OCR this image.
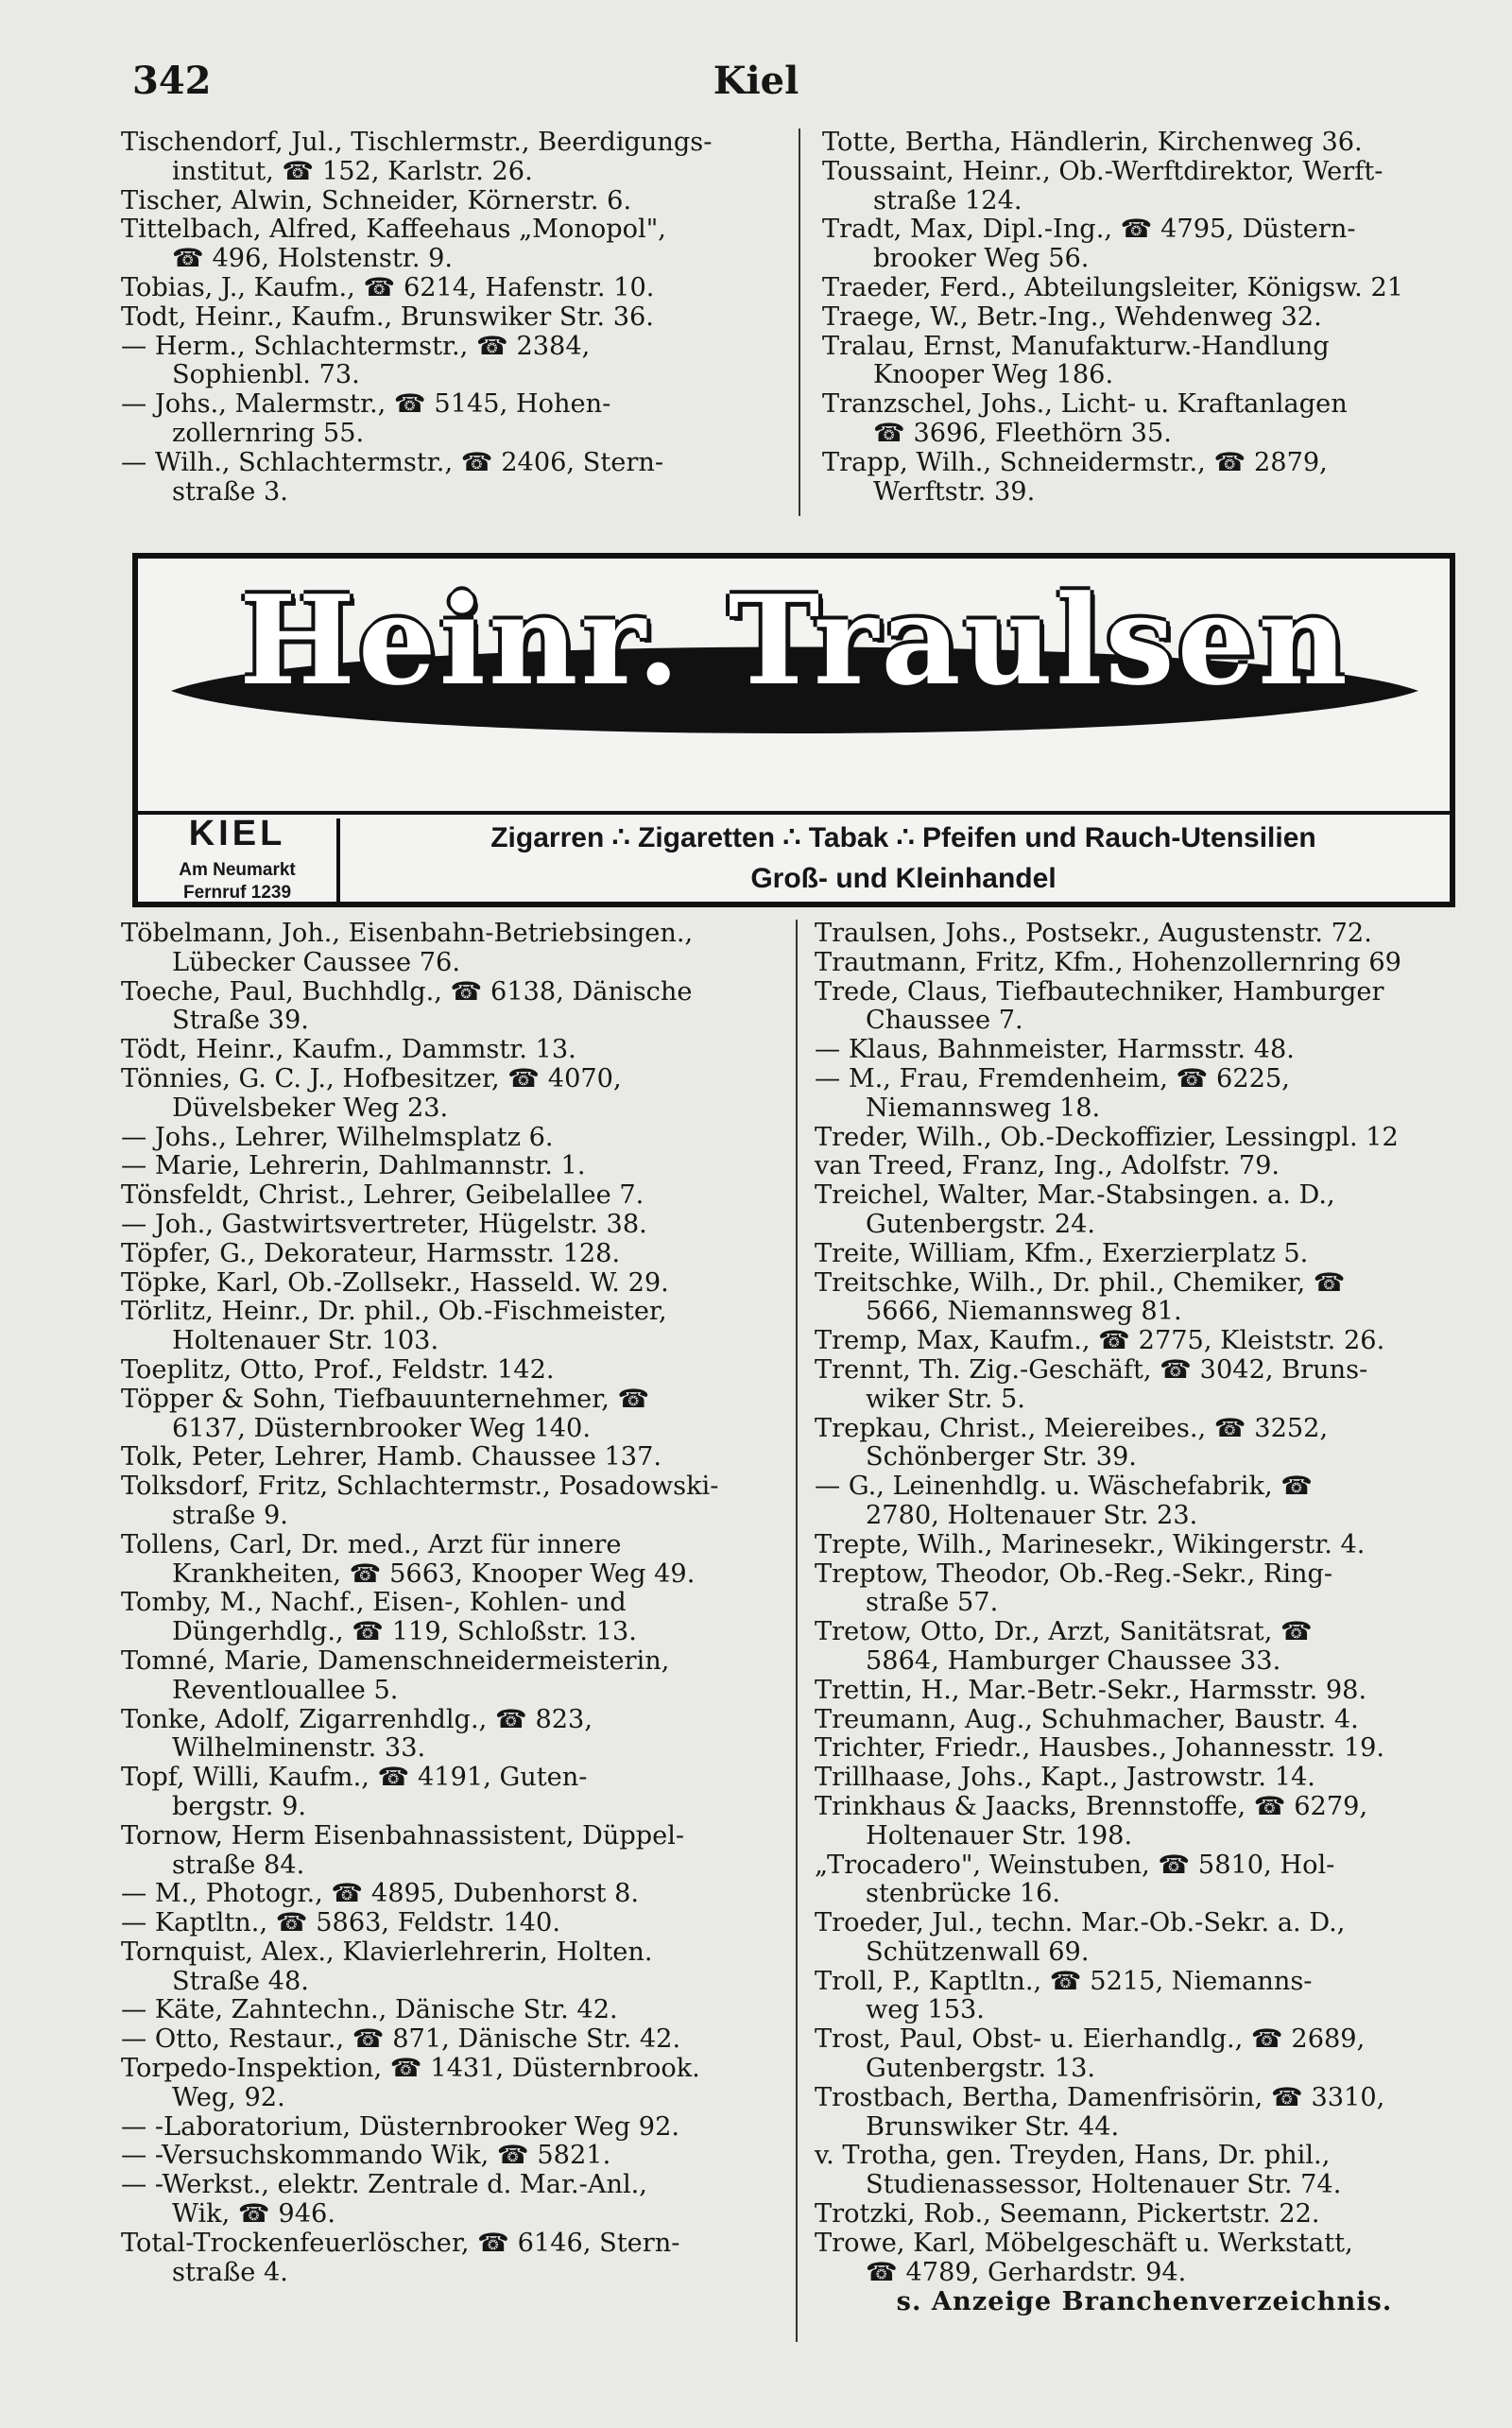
342	Kiel
Tischendorf, Jul., Tischlermstr., Beerdigungs-
institut, ☎ 152, Karlstr. 26.
Tischer, Alwin, Schneider, Körnerstr. 6.
Tittelbach, Alfred, Kaffeehaus „Monopol",
☎ 496, Holstenstr. 9.
Tobias, J., Kaufm., ☎ 6214, Hafenstr. 10.
Todt, Heinr., Kaufm., Brunswiker Str. 36.
— Herm., Schlachtermstr., ☎ 2384,
Sophienbl. 73.
— Johs., Malermstr., ☎ 5145, Hohen-
zollernring 55.
— Wilh., Schlachtermstr., ☎ 2406, Stern-
straße 3.
Totte, Bertha, Händlerin, Kirchenweg 36.
Toussaint, Heinr., Ob.-Werftdirektor, Werft-
straße 124.
Tradt, Max, Dipl.-Ing., ☎ 4795, Düstern-
brooker Weg 56.
Traeder, Ferd., Abteilungsleiter, Königsw. 21
Traege, W., Betr.-Ing., Wehdenweg 32.
Tralau, Ernst, Manufakturw.-Handlung
Knooper Weg 186.
Tranzschel, Johs., Licht- u. Kraftanlagen
☎ 3696, Fleethörn 35.
Trapp, Wilh., Schneidermstr., ☎ 2879,
Werftstr. 39.
Heinr. Traulsen
KIEL
Am Neumarkt
Fernruf 1239
Zigarren ∴ Zigaretten ∴ Tabak ∴ Pfeifen und Rauch-Utensilien
Groß- und Kleinhandel
Töbelmann, Joh., Eisenbahn-Betriebsingen.,
Lübecker Caussee 76.
Toeche, Paul, Buchhdlg., ☎ 6138, Dänische
Straße 39.
Tödt, Heinr., Kaufm., Dammstr. 13.
Tönnies, G. C. J., Hofbesitzer, ☎ 4070,
Düvelsbeker Weg 23.
— Johs., Lehrer, Wilhelmsplatz 6.
— Marie, Lehrerin, Dahlmannstr. 1.
Tönsfeldt, Christ., Lehrer, Geibelallee 7.
— Joh., Gastwirtsvertreter, Hügelstr. 38.
Töpfer, G., Dekorateur, Harmsstr. 128.
Töpke, Karl, Ob.-Zollsekr., Hasseld. W. 29.
Törlitz, Heinr., Dr. phil., Ob.-Fischmeister,
Holtenauer Str. 103.
Toeplitz, Otto, Prof., Feldstr. 142.
Töpper & Sohn, Tiefbauunternehmer, ☎
6137, Düsternbrooker Weg 140.
Tolk, Peter, Lehrer, Hamb. Chaussee 137.
Tolksdorf, Fritz, Schlachtermstr., Posadowski-
straße 9.
Tollens, Carl, Dr. med., Arzt für innere
Krankheiten, ☎ 5663, Knooper Weg 49.
Tomby, M., Nachf., Eisen-, Kohlen- und
Düngerhdlg., ☎ 119, Schloßstr. 13.
Tomné, Marie, Damenschneidermeisterin,
Reventlouallee 5.
Tonke, Adolf, Zigarrenhdlg., ☎ 823,
Wilhelminenstr. 33.
Topf, Willi, Kaufm., ☎ 4191, Guten-
bergstr. 9.
Tornow, Herm Eisenbahnassistent, Düppel-
straße 84.
— M., Photogr., ☎ 4895, Dubenhorst 8.
— Kaptltn., ☎ 5863, Feldstr. 140.
Tornquist, Alex., Klavierlehrerin, Holten.
Straße 48.
— Käte, Zahntechn., Dänische Str. 42.
— Otto, Restaur., ☎ 871, Dänische Str. 42.
Torpedo-Inspektion, ☎ 1431, Düsternbrook.
Weg, 92.
— -Laboratorium, Düsternbrooker Weg 92.
— -Versuchskommando Wik, ☎ 5821.
— -Werkst., elektr. Zentrale d. Mar.-Anl.,
Wik, ☎ 946.
Total-Trockenfeuerlöscher, ☎ 6146, Stern-
straße 4.
Traulsen, Johs., Postsekr., Augustenstr. 72.
Trautmann, Fritz, Kfm., Hohenzollernring 69
Trede, Claus, Tiefbautechniker, Hamburger
Chaussee 7.
— Klaus, Bahnmeister, Harmsstr. 48.
— M., Frau, Fremdenheim, ☎ 6225,
Niemannsweg 18.
Treder, Wilh., Ob.-Deckoffizier, Lessingpl. 12
van Treed, Franz, Ing., Adolfstr. 79.
Treichel, Walter, Mar.-Stabsingen. a. D.,
Gutenbergstr. 24.
Treite, William, Kfm., Exerzierplatz 5.
Treitschke, Wilh., Dr. phil., Chemiker, ☎
5666, Niemannsweg 81.
Tremp, Max, Kaufm., ☎ 2775, Kleiststr. 26.
Trennt, Th. Zig.-Geschäft, ☎ 3042, Bruns-
wiker Str. 5.
Trepkau, Christ., Meiereibes., ☎ 3252,
Schönberger Str. 39.
— G., Leinenhdlg. u. Wäschefabrik, ☎
2780, Holtenauer Str. 23.
Trepte, Wilh., Marinesekr., Wikingerstr. 4.
Treptow, Theodor, Ob.-Reg.-Sekr., Ring-
straße 57.
Tretow, Otto, Dr., Arzt, Sanitätsrat, ☎
5864, Hamburger Chaussee 33.
Trettin, H., Mar.-Betr.-Sekr., Harmsstr. 98.
Treumann, Aug., Schuhmacher, Baustr. 4.
Trichter, Friedr., Hausbes., Johannesstr. 19.
Trillhaase, Johs., Kapt., Jastrowstr. 14.
Trinkhaus & Jaacks, Brennstoffe, ☎ 6279,
Holtenauer Str. 198.
„Trocadero", Weinstuben, ☎ 5810, Hol-
stenbrücke 16.
Troeder, Jul., techn. Mar.-Ob.-Sekr. a. D.,
Schützenwall 69.
Troll, P., Kaptltn., ☎ 5215, Niemanns-
weg 153.
Trost, Paul, Obst- u. Eierhandlg., ☎ 2689,
Gutenbergstr. 13.
Trostbach, Bertha, Damenfrisörin, ☎ 3310,
Brunswiker Str. 44.
v. Trotha, gen. Treyden, Hans, Dr. phil.,
Studienassessor, Holtenauer Str. 74.
Trotzki, Rob., Seemann, Pickertstr. 22.
Trowe, Karl, Möbelgeschäft u. Werkstatt,
☎ 4789, Gerhardstr. 94.
s. Anzeige Branchenverzeichnis.
